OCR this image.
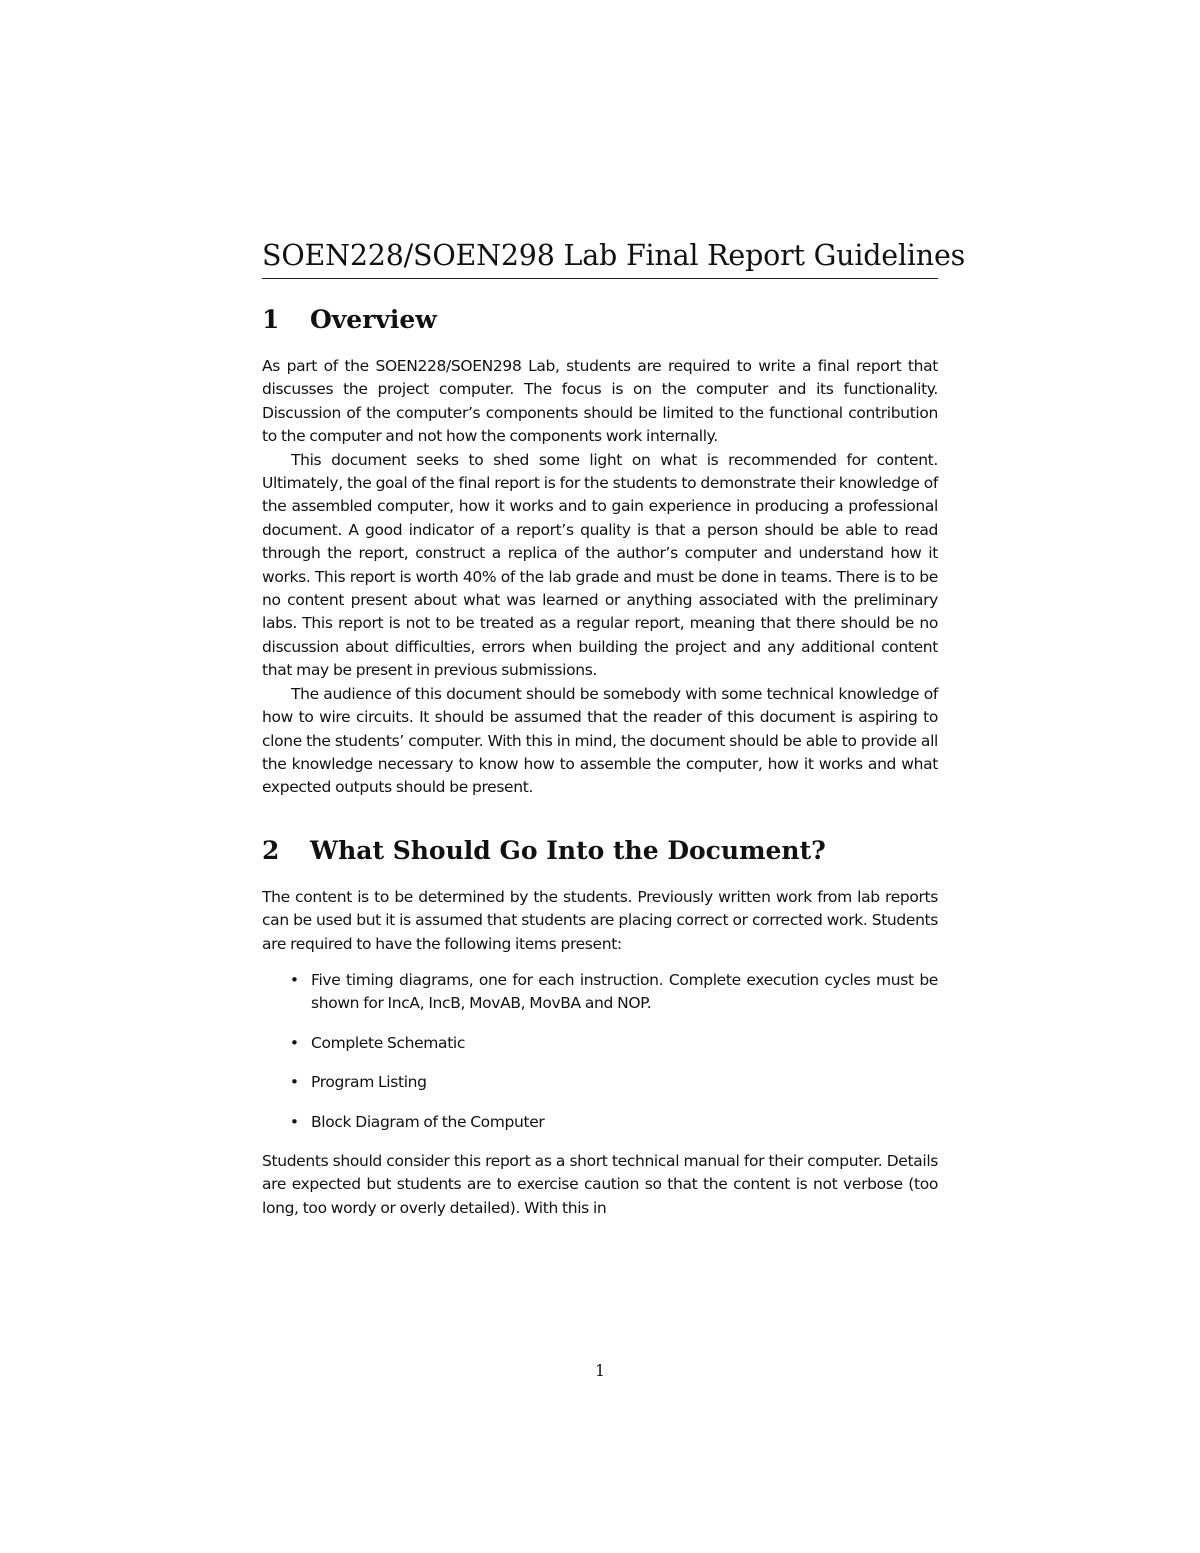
SOEN228/SOEN298 Lab Final Report Guidelines
1	Overview

As part of the SOEN228/SOEN298 Lab, students are required to write a final report that discusses the project computer. The focus is on the computer and its functionality. Discussion of the computer’s components should be limited to the functional contribution to the computer and not how the components work internally.

This document seeks to shed some light on what is recommended for content. Ultimately, the goal of the final report is for the students to demonstrate their knowledge of the assembled computer, how it works and to gain experience in producing a professional document. A good indicator of a report’s quality is that a person should be able to read through the report, construct a replica of the author’s computer and understand how it works. This report is worth 40% of the lab grade and must be done in teams. There is to be no content present about what was learned or anything associated with the preliminary labs. This report is not to be treated as a regular report, meaning that there should be no discussion about difficulties, errors when building the project and any additional content that may be present in previous submissions.

The audience of this document should be somebody with some technical knowledge of how to wire circuits. It should be assumed that the reader of this document is aspiring to clone the students’ computer. With this in mind, the document should be able to provide all the knowledge necessary to know how to assemble the computer, how it works and what expected outputs should be present.

2	What Should Go Into the Document?

The content is to be determined by the students. Previously written work from lab reports can be used but it is assumed that students are placing correct or corrected work. Students are required to have the following items present:

• Five timing diagrams, one for each instruction. Complete execution cycles must be shown for IncA, IncB, MovAB, MovBA and NOP.
• Complete Schematic
• Program Listing
• Block Diagram of the Computer

Students should consider this report as a short technical manual for their computer. Details are expected but students are to exercise caution so that the content is not verbose (too long, too wordy or overly detailed). With this in

1
